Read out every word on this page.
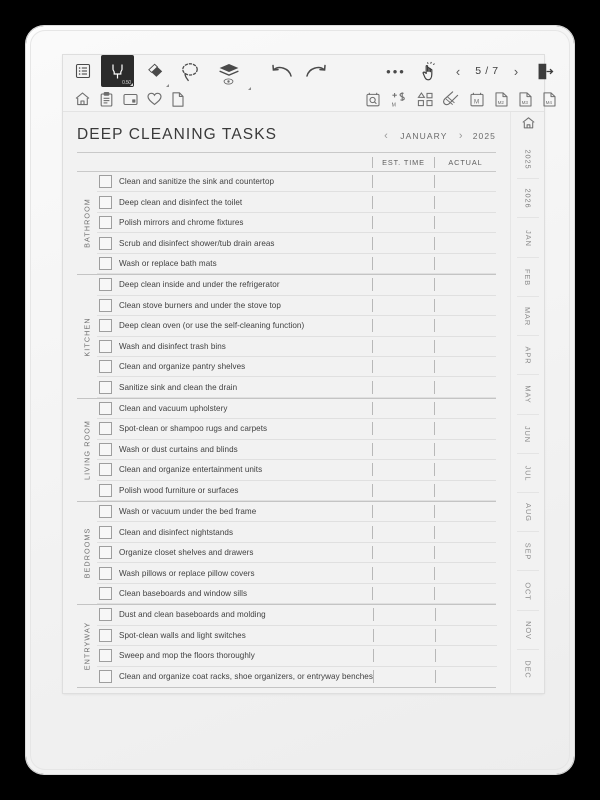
0.50
•••	‹ 5 / 7 ›
M	M	M2	M3	M4
DEEP CLEANING TASKS	‹ JANUARY › 2025
EST. TIME	ACTUAL
BATHROOM
Clean and sanitize the sink and countertop
Deep clean and disinfect the toilet
Polish mirrors and chrome fixtures
Scrub and disinfect shower/tub drain areas
Wash or replace bath mats
KITCHEN
Deep clean inside and under the refrigerator
Clean stove burners and under the stove top
Deep clean oven (or use the self-cleaning function)
Wash and disinfect trash bins
Clean and organize pantry shelves
Sanitize sink and clean the drain
LIVING ROOM
Clean and vacuum upholstery
Spot-clean or shampoo rugs and carpets
Wash or dust curtains and blinds
Clean and organize entertainment units
Polish wood furniture or surfaces
BEDROOMS
Wash or vacuum under the bed frame
Clean and disinfect nightstands
Organize closet shelves and drawers
Wash pillows or replace pillow covers
Clean baseboards and window sills
ENTRYWAY
Dust and clean baseboards and molding
Spot-clean walls and light switches
Sweep and mop the floors thoroughly
Clean and organize coat racks, shoe organizers, or entryway benches
2025
2026
JAN
FEB
MAR
APR
MAY
JUN
JUL
AUG
SEP
OCT
NOV
DEC
